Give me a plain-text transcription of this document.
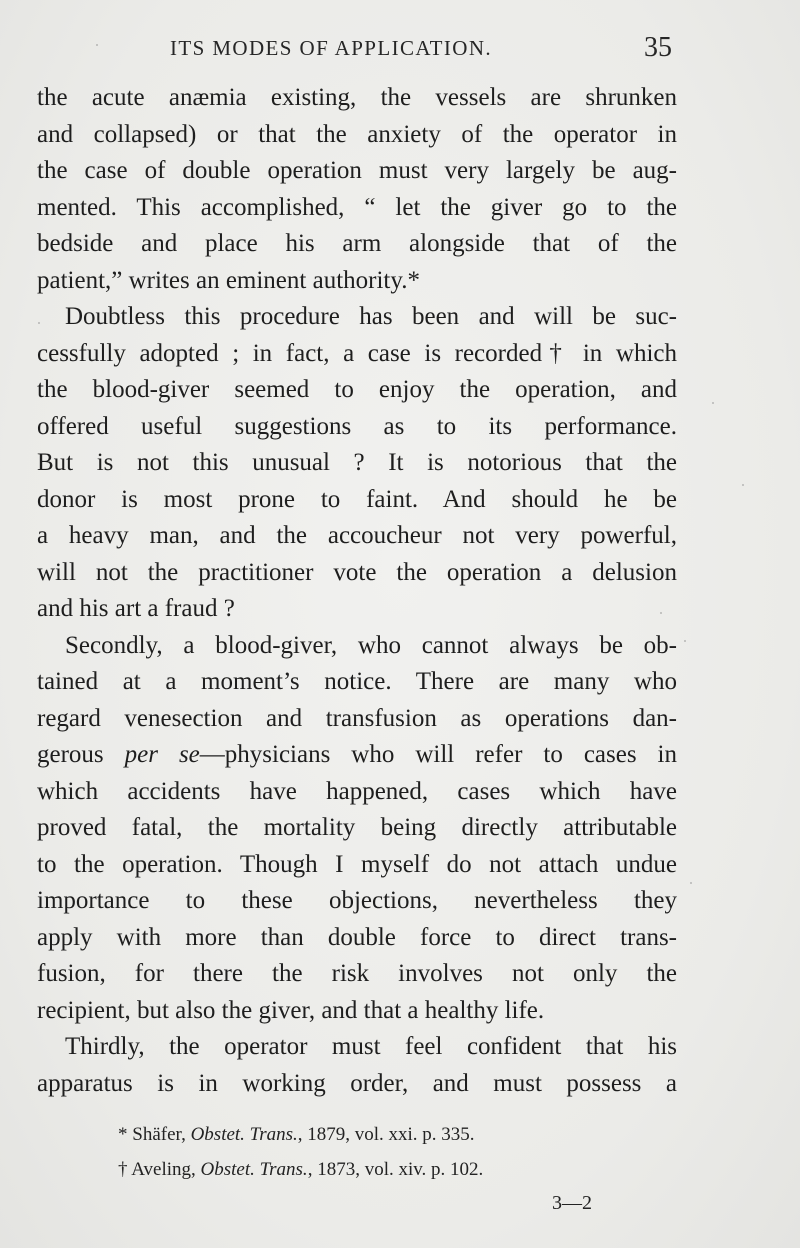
ITS MODES OF APPLICATION.	35
the acute anæmia existing, the vessels are shrunken
and collapsed) or that the anxiety of the operator in
the case of double operation must very largely be aug-
mented. This accomplished, “ let the giver go to the
bedside and place his arm alongside that of the
patient,” writes an eminent authority.*
Doubtless this procedure has been and will be suc-
cessfully adopted ; in fact, a case is recorded† in which
the blood-giver seemed to enjoy the operation, and
offered useful suggestions as to its performance.
But is not this unusual ? It is notorious that the
donor is most prone to faint. And should he be
a heavy man, and the accoucheur not very powerful,
will not the practitioner vote the operation a delusion
and his art a fraud ?
Secondly, a blood-giver, who cannot always be ob-
tained at a moment’s notice. There are many who
regard venesection and transfusion as operations dan-
gerous per se—physicians who will refer to cases in
which accidents have happened, cases which have
proved fatal, the mortality being directly attributable
to the operation. Though I myself do not attach undue
importance to these objections, nevertheless they
apply with more than double force to direct trans-
fusion, for there the risk involves not only the
recipient, but also the giver, and that a healthy life.
Thirdly, the operator must feel confident that his
apparatus is in working order, and must possess a
* Shäfer, Obstet. Trans., 1879, vol. xxi. p. 335.
† Aveling, Obstet. Trans., 1873, vol. xiv. p. 102.
3—2
